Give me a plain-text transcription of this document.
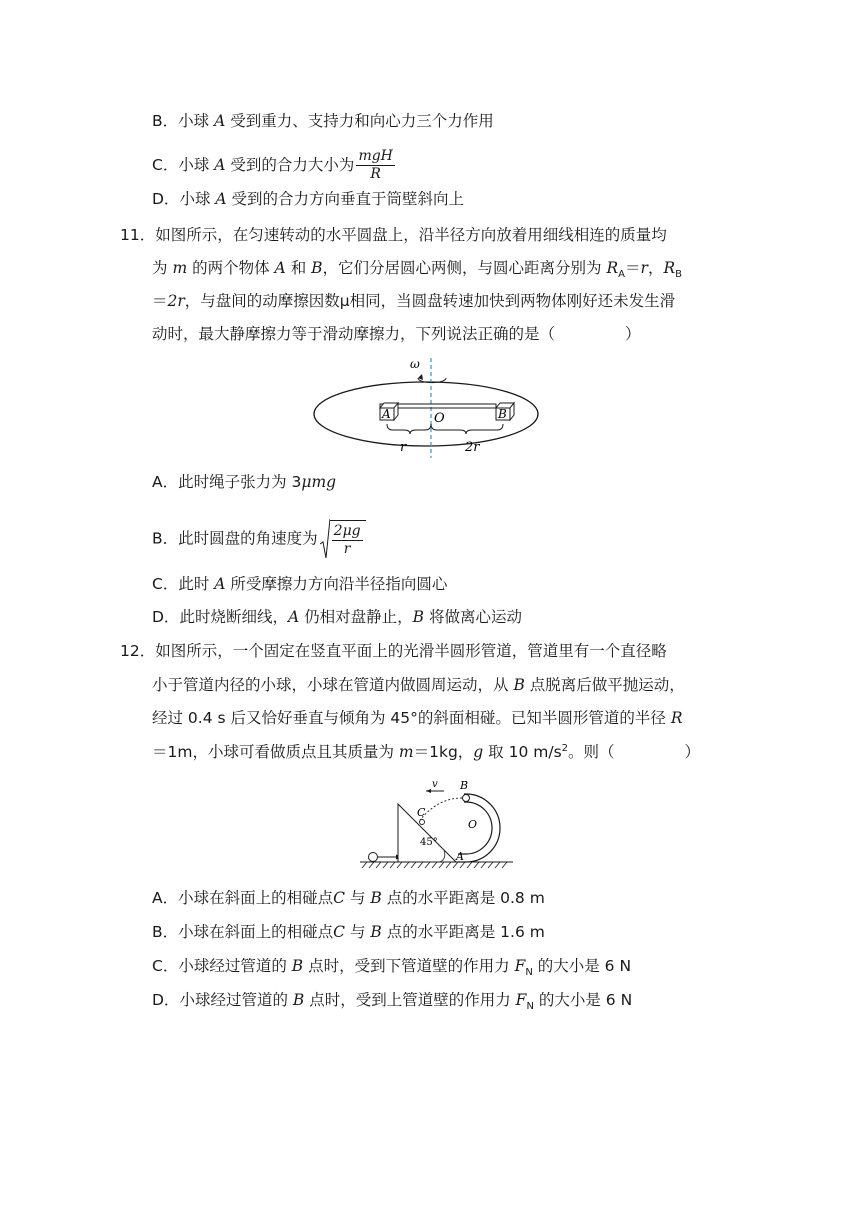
B．小球 A 受到重力、支持力和向心力三个力作用
C．小球 A 受到的合力大小为 $\frac{\text{mgH}}{R}$
D．小球 A 受到的合力方向垂直于筒壁斜向上
11．如图所示，在匀速转动的水平圆盘上，沿半径方向放着用细线相连的质量均
为 m 的两个物体 A 和 B，它们分居圆心两侧，与圆心距离分别为 $R_A=r$，$R_B$
＝2r，与盘间的动摩擦因数μ相同，当圆盘转速加快到两物体刚好还未发生滑
动时，最大静摩擦力等于滑动摩擦力，下列说法正确的是（	）
ω
A	B
O
r	2r
A．此时绳子张力为 3μmg
B．此时圆盘的角速度为 $\frac{2\mu g}{r}$
C．此时 A 所受摩擦力方向沿半径指向圆心
D．此时烧断细线，A 仍相对盘静止，B 将做离心运动
12．如图所示，一个固定在竖直平面上的光滑半圆形管道，管道里有一个直径略
小于管道内径的小球，小球在管道内做圆周运动，从 B 点脱离后做平抛运动，
经过 0.4 s 后又恰好垂直与倾角为 45°的斜面相碰。已知半圆形管道的半径 R
＝1m，小球可看做质点且其质量为 m＝1kg，g 取 10 $m/s^2$。则（	）
45°
B
v
C
O
A
A．小球在斜面上的相碰点C 与 B 点的水平距离是 0.8 m
B．小球在斜面上的相碰点C 与 B 点的水平距离是 1.6 m
C．小球经过管道的 B 点时，受到下管道壁的作用力 $F_N$ 的大小是 6 N
D．小球经过管道的 B 点时，受到上管道壁的作用力 $F_N$ 的大小是 6 N
